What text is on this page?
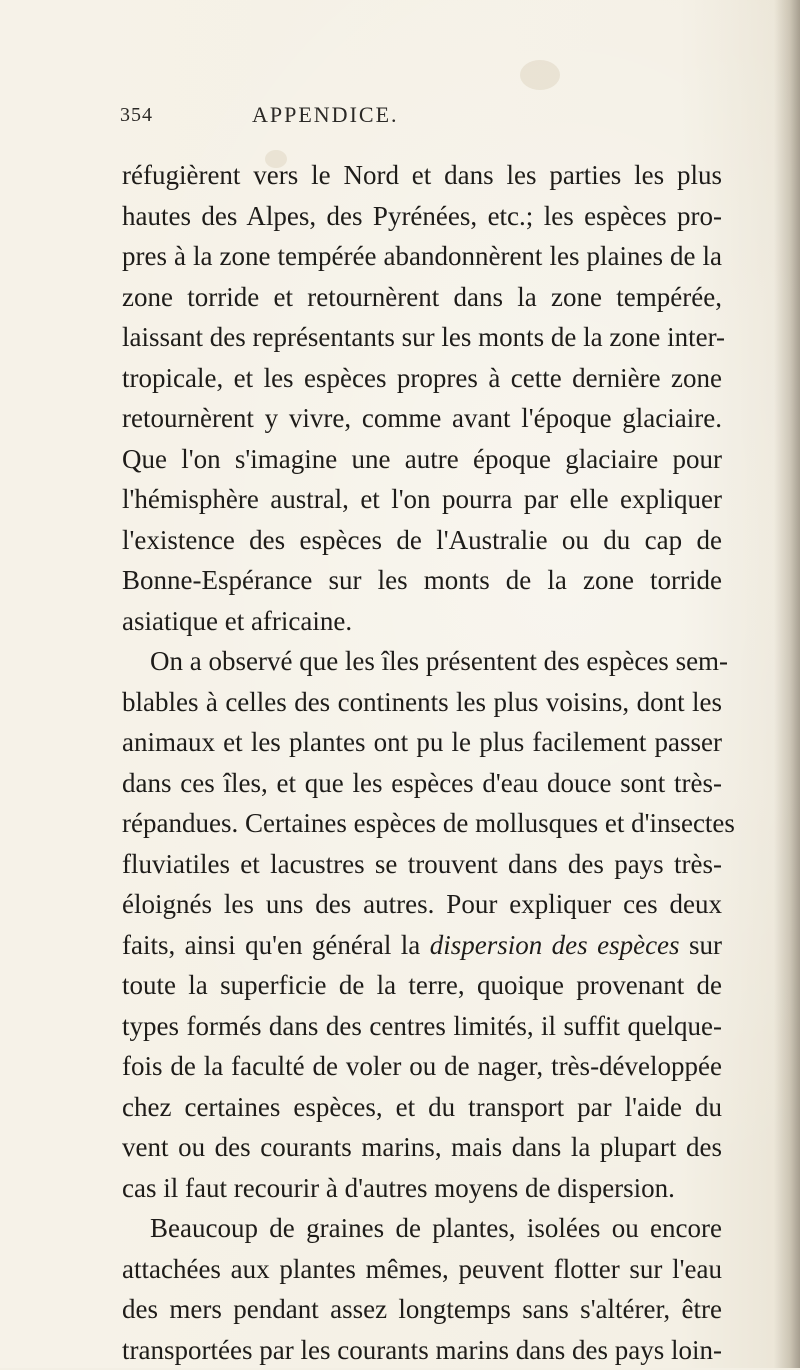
354	APPENDICE.
réfugièrent vers le Nord et dans les parties les plus
hautes des Alpes, des Pyrénées, etc.; les espèces pro-
pres à la zone tempérée abandonnèrent les plaines de la
zone torride et retournèrent dans la zone tempérée,
laissant des représentants sur les monts de la zone inter-
tropicale, et les espèces propres à cette dernière zone
retournèrent y vivre, comme avant l'époque glaciaire.
Que l'on s'imagine une autre époque glaciaire pour
l'hémisphère austral, et l'on pourra par elle expliquer
l'existence des espèces de l'Australie ou du cap de
Bonne-Espérance sur les monts de la zone torride
asiatique et africaine.
On a observé que les îles présentent des espèces sem-
blables à celles des continents les plus voisins, dont les
animaux et les plantes ont pu le plus facilement passer
dans ces îles, et que les espèces d'eau douce sont très-
répandues. Certaines espèces de mollusques et d'insectes
fluviatiles et lacustres se trouvent dans des pays très-
éloignés les uns des autres. Pour expliquer ces deux
faits, ainsi qu'en général la dispersion des espèces sur
toute la superficie de la terre, quoique provenant de
types formés dans des centres limités, il suffit quelque-
fois de la faculté de voler ou de nager, très-développée
chez certaines espèces, et du transport par l'aide du
vent ou des courants marins, mais dans la plupart des
cas il faut recourir à d'autres moyens de dispersion.
Beaucoup de graines de plantes, isolées ou encore
attachées aux plantes mêmes, peuvent flotter sur l'eau
des mers pendant assez longtemps sans s'altérer, être
transportées par les courants marins dans des pays loin-
